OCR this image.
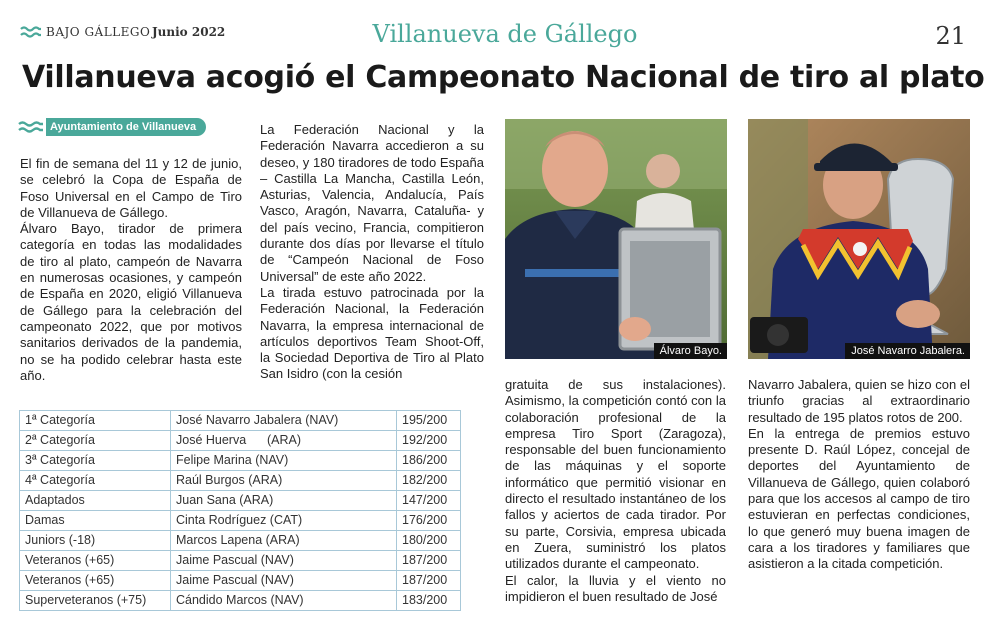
BAJO GÁLLEGO Junio 2022	Villanueva de Gállego	21
Villanueva acogió el Campeonato Nacional de tiro al plato
Ayuntamiento de Villanueva

El fin de semana del 11 y 12 de junio, se celebró la Copa de España de Foso Universal en el Campo de Tiro de Villanueva de Gállego.

Álvaro Bayo, tirador de primera categoría en todas las modalidades de tiro al plato, campeón de Navarra en numerosas ocasiones, y campeón de España en 2020, eligió Villanueva de Gállego para la celebración del campeonato 2022, que por motivos sanitarios derivados de la pandemia, no se ha podido celebrar hasta este año.

La Federación Nacional y la Federación Navarra accedieron a su deseo, y 180 tiradores de todo España – Castilla La Mancha, Castilla León, Asturias, Valencia, Andalucía, País Vasco, Aragón, Navarra, Cataluña- y del país vecino, Francia, compitieron durante dos días por llevarse el título de “Campeón Nacional de Foso Universal” de este año 2022.

La tirada estuvo patrocinada por la Federación Nacional, la Federación Navarra, la empresa internacional de artículos deportivos Team Shoot-Off, la Sociedad Deportiva de Tiro al Plato San Isidro (con la cesión

Álvaro Bayo.	José Navarro Jabalera.

gratuita de sus instalaciones). Asimismo, la competición contó con la colaboración profesional de la empresa Tiro Sport (Zaragoza), responsable del buen funcionamiento de las máquinas y el soporte informático que permitió visionar en directo el resultado instantáneo de los fallos y aciertos de cada tirador. Por su parte, Corsivia, empresa ubicada en Zuera, suministró los platos utilizados durante el campeonato.

El calor, la lluvia y el viento no impidieron el buen resultado de José

Navarro Jabalera, quien se hizo con el triunfo gracias al extraordinario resultado de 195 platos rotos de 200.

En la entrega de premios estuvo presente D. Raúl López, concejal de deportes del Ayuntamiento de Villanueva de Gállego, quien colaboró para que los accesos al campo de tiro estuvieran en perfectas condiciones, lo que generó muy buena imagen de cara a los tiradores y familiares que asistieron a la citada competición.

1ª Categoría	José Navarro Jabalera (NAV)	195/200
2ª Categoría	José Huerva      (ARA)	192/200
3ª Categoría	Felipe Marina (NAV)	186/200
4ª Categoría	Raúl Burgos (ARA)	182/200
Adaptados	Juan Sana (ARA)	147/200
Damas	Cinta Rodríguez (CAT)	176/200
Juniors (-18)	Marcos Lapena (ARA)	180/200
Veteranos (+65)	Jaime Pascual (NAV)	187/200
Veteranos (+65)	Jaime Pascual (NAV)	187/200
Superveteranos (+75)	Cándido Marcos (NAV)	183/200
